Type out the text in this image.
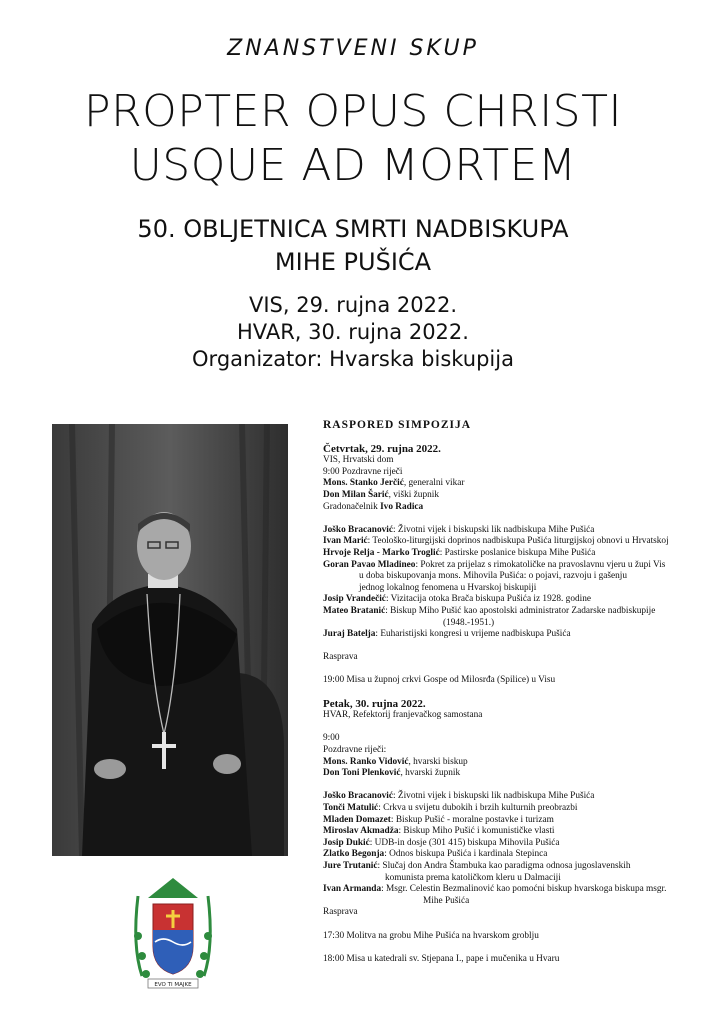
ZNANSTVENI SKUP
PROPTER OPUS CHRISTI
USQUE AD MORTEM
50. OBLJETNICA SMRTI NADBISKUPA
MIHE PUŠIĆA
VIS, 29. rujna 2022.
HVAR, 30. rujna 2022.
Organizator: Hvarska biskupija
EVO TI MAJKE
RASPORED SIMPOZIJA
Četvrtak, 29. rujna 2022.
VIS, Hrvatski dom
9:00 Pozdravne riječi
Mons. Stanko Jerčić, generalni vikar
Don Milan Šarić, viški župnik
Gradonačelnik Ivo Radica
Joško Bracanović: Životni vijek i biskupski lik nadbiskupa Mihe Pušića
Ivan Marić: Teološko-liturgijski doprinos nadbiskupa Pušića liturgijskoj obnovi u Hrvatskoj
Hrvoje Relja - Marko Troglić: Pastirske poslanice biskupa Mihe Pušića
Goran Pavao Mladineo: Pokret za prijelaz s rimokatoličke na pravoslavnu vjeru u župi Vis
u doba biskupovanja mons. Mihovila Pušića: o pojavi, razvoju i gašenju
jednog lokalnog fenomena u Hvarskoj biskupiji
Josip Vrandečić: Vizitacija otoka Brača biskupa Pušića iz 1928. godine
Mateo Bratanić: Biskup Miho Pušić kao apostolski administrator Zadarske nadbiskupije
(1948.-1951.)
Juraj Batelja: Euharistijski kongresi u vrijeme nadbiskupa Pušića
Rasprava
19:00 Misa u župnoj crkvi Gospe od Milosrđa (Spilice) u Visu
Petak, 30. rujna 2022.
HVAR, Refektorij franjevačkog samostana
9:00
Pozdravne riječi:
Mons. Ranko Vidović, hvarski biskup
Don Toni Plenković, hvarski župnik
Joško Bracanović: Životni vijek i biskupski lik nadbiskupa Mihe Pušića
Tonči Matulić: Crkva u svijetu dubokih i brzih kulturnih preobrazbi
Mladen Domazet: Biskup Pušić - moralne postavke i turizam
Miroslav Akmadža: Biskup Miho Pušić i komunističke vlasti
Josip Dukić: UDB-in dosje (301 415) biskupa Mihovila Pušića
Zlatko Begonja: Odnos biskupa Pušića i kardinala Stepinca
Jure Trutanić: Slučaj don Andra Štambuka kao paradigma odnosa jugoslavenskih
komunista prema katoličkom kleru u Dalmaciji
Ivan Armanda: Msgr. Celestin Bezmalinović kao pomoćni biskup hvarskoga biskupa msgr.
Mihe Pušića
Rasprava
17:30 Molitva na grobu Mihe Pušića na hvarskom groblju
18:00 Misa u katedrali sv. Stjepana I., pape i mučenika u Hvaru
